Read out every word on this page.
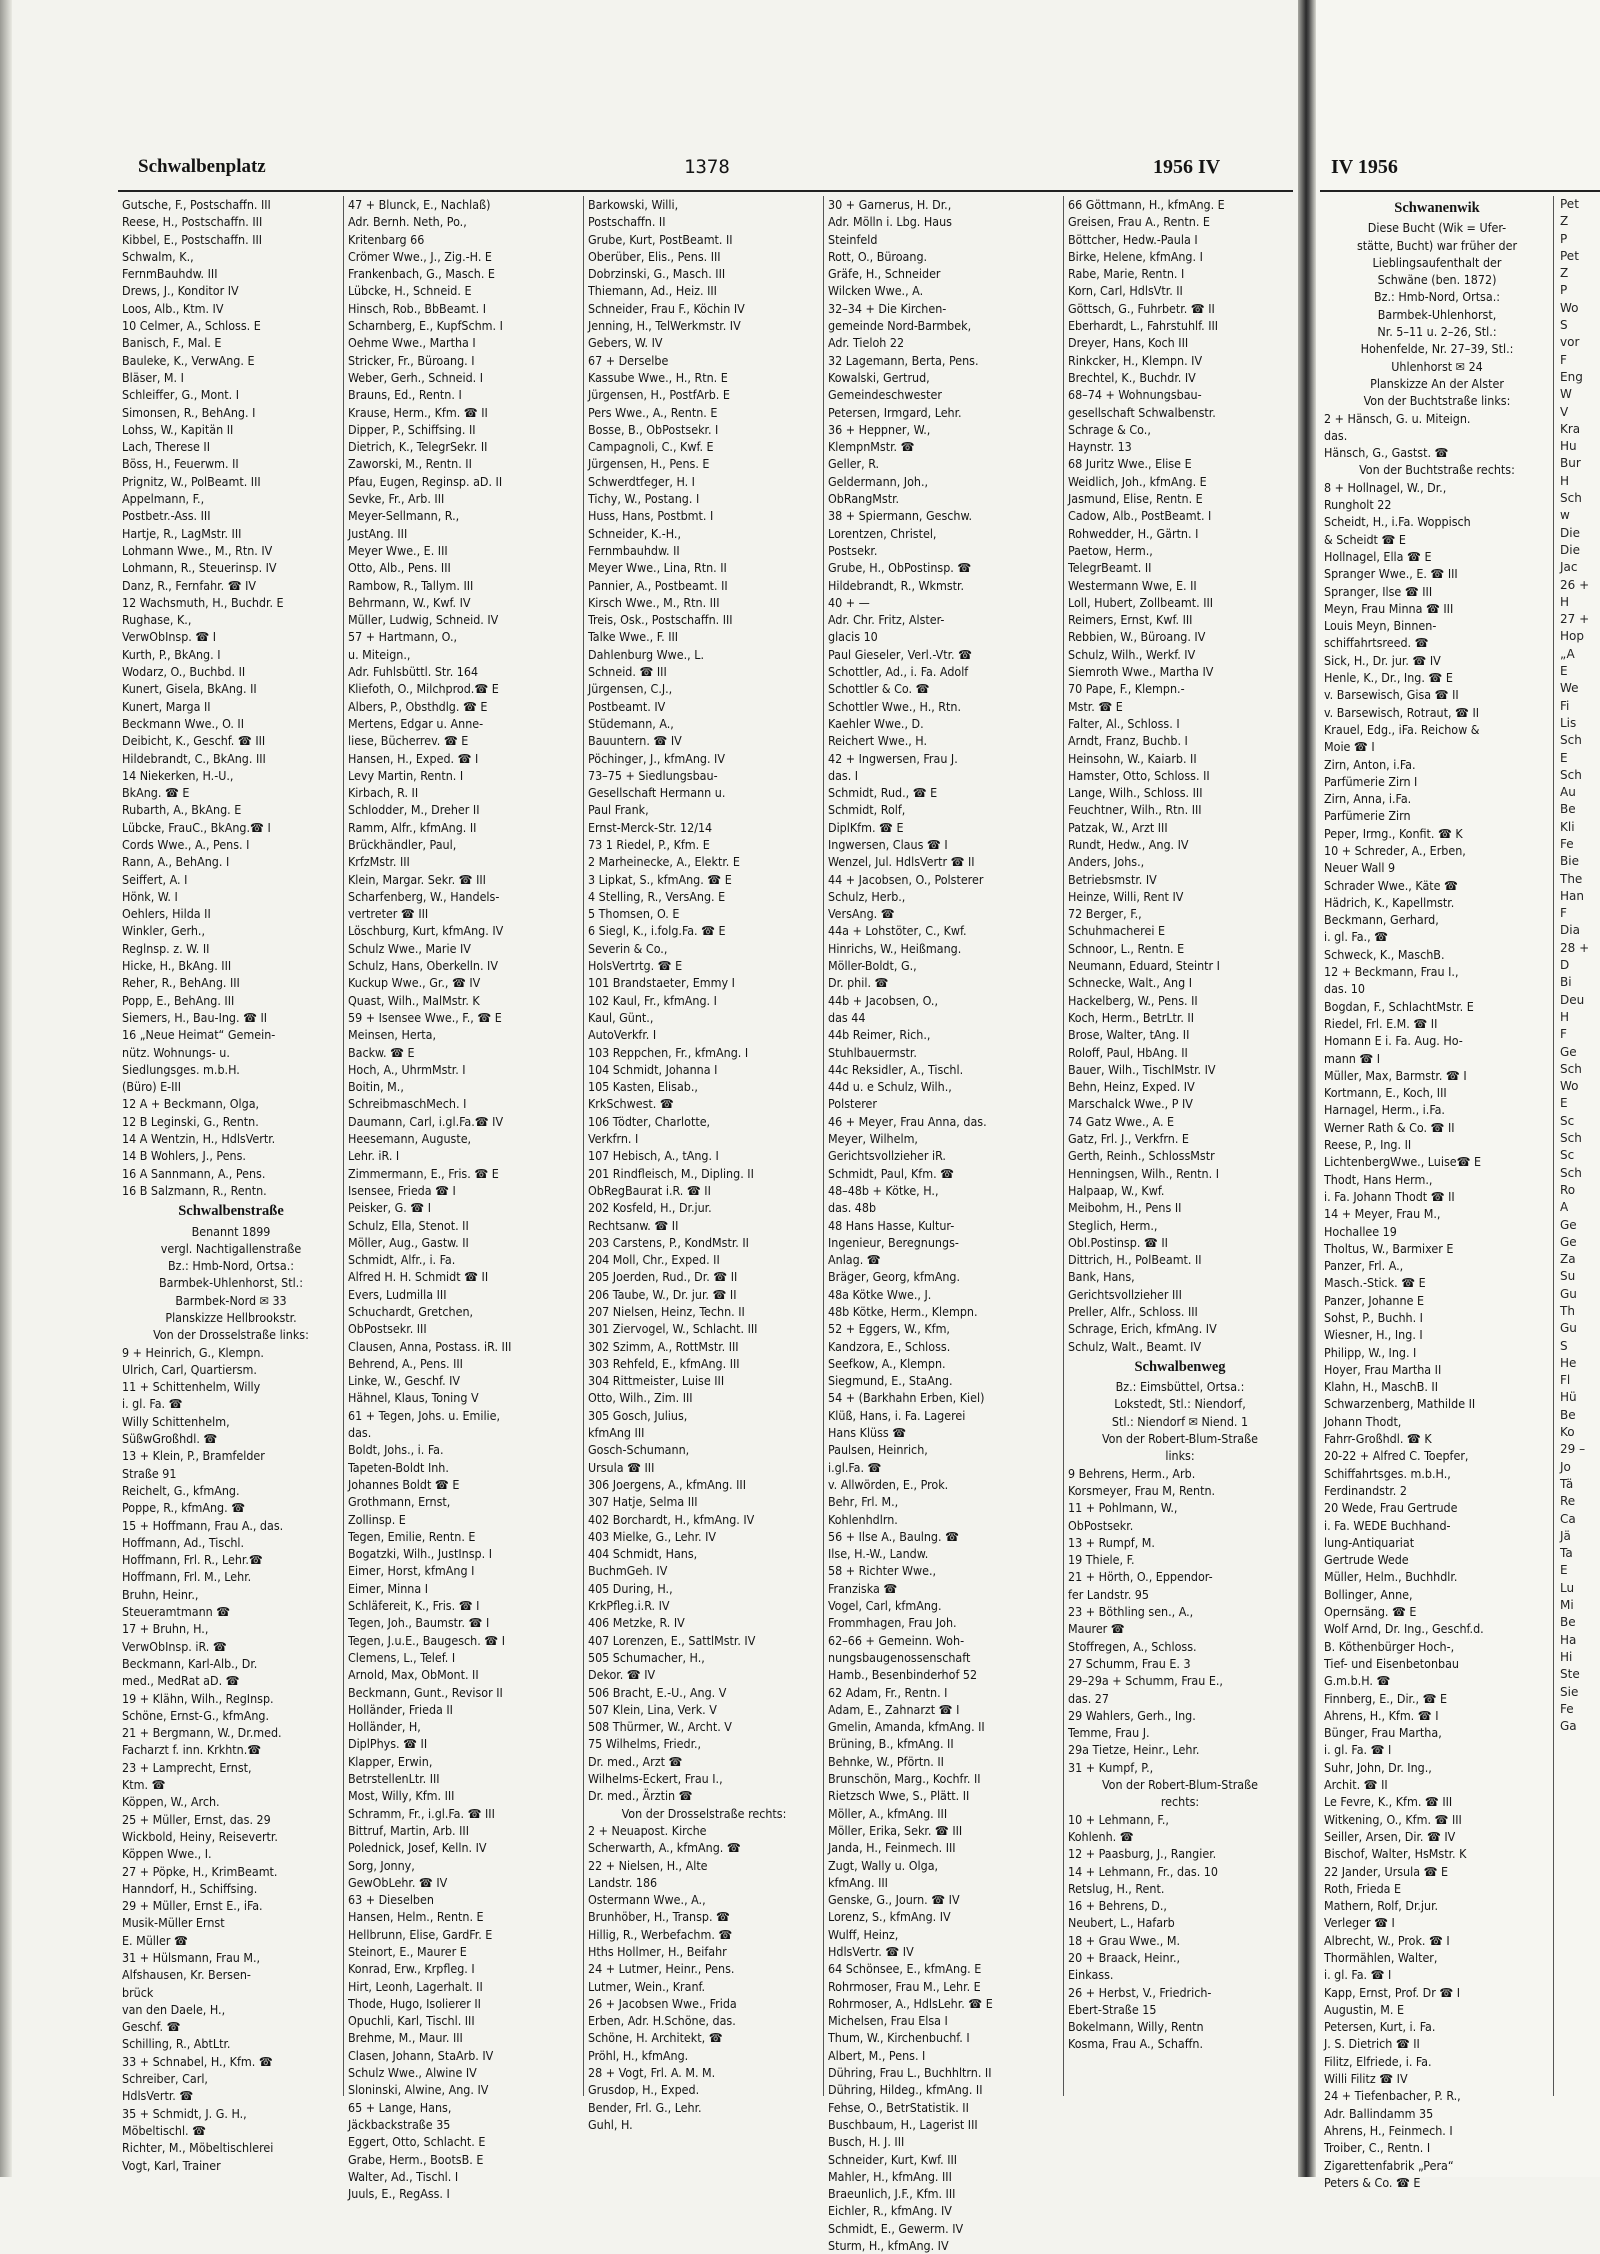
Schwalbenplatz	1378	1956 IV	IV 1956
Gutsche, F., Postschaffn. III
Reese, H., Postschaffn. III
Kibbel, E., Postschaffn. III
Schwalm, K.,
FernmBauhdw. III
Drews, J., Konditor IV
Loos, Alb., Ktm. IV
10 Celmer, A., Schloss. E
Banisch, F., Mal. E
Bauleke, K., VerwAng. E
Bläser, M. I
Schleiffer, G., Mont. I
Simonsen, R., BehAng. I
Lohss, W., Kapitän II
Lach, Therese II
Böss, H., Feuerwm. II
Prignitz, W., PolBeamt. III
Appelmann, F.,
Postbetr.-Ass. III
Hartje, R., LagMstr. III
Lohmann Wwe., M., Rtn. IV
Lohmann, R., Steuerinsp. IV
Danz, R., Fernfahr. ☎ IV
12 Wachsmuth, H., Buchdr. E
Rughase, K.,
VerwObInsp. ☎ I
Kurth, P., BkAng. I
Wodarz, O., Buchbd. II
Kunert, Gisela, BkAng. II
Kunert, Marga II
Beckmann Wwe., O. II
Deibicht, K., Geschf. ☎ III
Hildebrandt, C., BkAng. III
14 Niekerken, H.-U.,
BkAng. ☎ E
Rubarth, A., BkAng. E
Lübcke, FrauC., BkAng.☎ I
Cords Wwe., A., Pens. I
Rann, A., BehAng. I
Seiffert, A. I
Hönk, W. I
Oehlers, Hilda II
Winkler, Gerh.,
Reglnsp. z. W. II
Hicke, H., BkAng. III
Reher, R., BehAng. III
Popp, E., BehAng. III
Siemers, H., Bau-Ing. ☎ II
16 „Neue Heimat“ Gemein-
nütz. Wohnungs- u.
Siedlungsges. m.b.H.
(Büro) E-III
12 A + Beckmann, Olga,
12 B Leginski, G., Rentn.
14 A Wentzin, H., HdlsVertr.
14 B Wohlers, J., Pens.
16 A Sannmann, A., Pens.
16 B Salzmann, R., Rentn.
Schwalbenstraße
Benannt 1899
vergl. Nachtigallenstraße
Bz.: Hmb-Nord, Ortsa.:
Barmbek-Uhlenhorst, Stl.:
Barmbek-Nord ✉ 33
Planskizze Hellbrookstr.
Von der Drosselstraße links:
9 + Heinrich, G., Klempn.
Ulrich, Carl, Quartiersm.
11 + Schittenhelm, Willy
i. gl. Fa. ☎
Willy Schittenhelm,
SüßwGroßhdl. ☎
13 + Klein, P., Bramfelder
Straße 91
Reichelt, G., kfmAng.
Poppe, R., kfmAng. ☎
15 + Hoffmann, Frau A., das.
Hoffmann, Ad., Tischl.
Hoffmann, Frl. R., Lehr.☎
Hoffmann, Frl. M., Lehr.
Bruhn, Heinr.,
Steueramtmann ☎
17 + Bruhn, H.,
VerwObInsp. iR. ☎
Beckmann, Karl-Alb., Dr.
med., MedRat aD. ☎
19 + Klähn, Wilh., RegInsp.
Schöne, Ernst-G., kfmAng.
21 + Bergmann, W., Dr.med.
Facharzt f. inn. Krkhtn.☎
23 + Lamprecht, Ernst,
Ktm. ☎
Köppen, W., Arch.
25 + Müller, Ernst, das. 29
Wickbold, Heiny, Reisevertr.
Köppen Wwe., I.
27 + Pöpke, H., KrimBeamt.
Hanndorf, H., Schiffsing.
29 + Müller, Ernst E., iFa.
Musik-Müller Ernst
E. Müller ☎
31 + Hülsmann, Frau M.,
Alfshausen, Kr. Bersen-
brück
van den Daele, H.,
Geschf. ☎
Schilling, R., AbtLtr.
33 + Schnabel, H., Kfm. ☎
Schreiber, Carl,
HdlsVertr. ☎
35 + Schmidt, J. G. H.,
Möbeltischl. ☎
Richter, M., Möbeltischlerei
Vogt, Karl, Trainer
47 + Blunck, E., Nachlaß)
Adr. Bernh. Neth, Po.,
Kritenbarg 66
Crömer Wwe., J., Zig.-H. E
Frankenbach, G., Masch. E
Lübcke, H., Schneid. E
Hinsch, Rob., BbBeamt. I
Scharnberg, E., KupfSchm. I
Oehme Wwe., Martha I
Stricker, Fr., Büroang. I
Weber, Gerh., Schneid. I
Brauns, Ed., Rentn. I
Krause, Herm., Kfm. ☎ II
Dipper, P., Schiffsing. II
Dietrich, K., TelegrSekr. II
Zaworski, M., Rentn. II
Pfau, Eugen, Reginsp. aD. II
Sevke, Fr., Arb. III
Meyer-Sellmann, R.,
JustAng. III
Meyer Wwe., E. III
Otto, Alb., Pens. III
Rambow, R., Tallym. III
Behrmann, W., Kwf. IV
Müller, Ludwig, Schneid. IV
57 + Hartmann, O.,
u. Miteign.,
Adr. Fuhlsbüttl. Str. 164
Kliefoth, O., Milchprod.☎ E
Albers, P., Obsthdlg. ☎ E
Mertens, Edgar u. Anne-
liese, Bücherrev. ☎ E
Hansen, H., Exped. ☎ I
Levy Martin, Rentn. I
Kirbach, R. II
Schlodder, M., Dreher II
Ramm, Alfr., kfmAng. II
Brückhändler, Paul,
KrfzMstr. III
Klein, Margar. Sekr. ☎ III
Scharfenberg, W., Handels-
vertreter ☎ III
Löschburg, Kurt, kfmAng. IV
Schulz Wwe., Marie IV
Schulz, Hans, Oberkelln. IV
Kuckup Wwe., Gr., ☎ IV
Quast, Wilh., MalMstr. K
59 + Isensee Wwe., F., ☎ E
Meinsen, Herta,
Backw. ☎ E
Hoch, A., UhrmMstr. I
Boitin, M.,
SchreibmaschMech. I
Daumann, Carl, i.gl.Fa.☎ IV
Heesemann, Auguste,
Lehr. iR. I
Zimmermann, E., Fris. ☎ E
Isensee, Frieda ☎ I
Peisker, G. ☎ I
Schulz, Ella, Stenot. II
Möller, Aug., Gastw. II
Schmidt, Alfr., i. Fa.
Alfred H. H. Schmidt ☎ II
Evers, Ludmilla III
Schuchardt, Gretchen,
ObPostsekr. III
Clausen, Anna, Postass. iR. III
Behrend, A., Pens. III
Linke, W., Geschf. IV
Hähnel, Klaus, Toning V
61 + Tegen, Johs. u. Emilie,
das.
Boldt, Johs., i. Fa.
Tapeten-Boldt Inh.
Johannes Boldt ☎ E
Grothmann, Ernst,
Zollinsp. E
Tegen, Emilie, Rentn. E
Bogatzki, Wilh., JustInsp. I
Eimer, Horst, kfmAng I
Eimer, Minna I
Schläfereit, K., Fris. ☎ I
Tegen, Joh., Baumstr. ☎ I
Tegen, J.u.E., Baugesch. ☎ I
Clemens, L., Telef. I
Arnold, Max, ObMont. II
Beckmann, Gunt., Revisor II
Holländer, Frieda II
Holländer, H,
DiplPhys. ☎ II
Klapper, Erwin,
BetrstellenLtr. III
Most, Willy, Kfm. III
Schramm, Fr., i.gl.Fa. ☎ III
Bittruf, Martin, Arb. III
Polednick, Josef, Kelln. IV
Sorg, Jonny,
GewObLehr. ☎ IV
63 + Dieselben
Hansen, Helm., Rentn. E
Hellbrunn, Elise, GardFr. E
Steinort, E., Maurer E
Konrad, Erw., Krpfleg. I
Hirt, Leonh, Lagerhalt. II
Thode, Hugo, Isolierer II
Opuchli, Karl, Tischl. III
Brehme, M., Maur. III
Clasen, Johann, StaArb. IV
Schulz Wwe., Alwine IV
Sloninski, Alwine, Ang. IV
65 + Lange, Hans,
Jäckbackstraße 35
Eggert, Otto, Schlacht. E
Grabe, Herm., BootsB. E
Walter, Ad., Tischl. I
Juuls, E., RegAss. I
Barkowski, Willi,
Postschaffn. II
Grube, Kurt, PostBeamt. II
Oberüber, Elis., Pens. III
Dobrzinski, G., Masch. III
Thiemann, Ad., Heiz. III
Schneider, Frau F., Köchin IV
Jenning, H., TelWerkmstr. IV
Gebers, W. IV
67 + Derselbe
Kassube Wwe., H., Rtn. E
Jürgensen, H., PostfArb. E
Pers Wwe., A., Rentn. E
Bosse, B., ObPostsekr. I
Campagnoli, C., Kwf. E
Jürgensen, H., Pens. E
Schwerdtfeger, H. I
Tichy, W., Postang. I
Huss, Hans, Postbmt. I
Schneider, K.-H.,
Fernmbauhdw. II
Meyer Wwe., Lina, Rtn. II
Pannier, A., Postbeamt. II
Kirsch Wwe., M., Rtn. III
Treis, Osk., Postschaffn. III
Talke Wwe., F. III
Dahlenburg Wwe., L.
Schneid. ☎ III
Jürgensen, C.J.,
Postbeamt. IV
Stüdemann, A.,
Bauuntern. ☎ IV
Pöchinger, J., kfmAng. IV
73–75 + Siedlungsbau-
Gesellschaft Hermann u.
Paul Frank,
Ernst-Merck-Str. 12/14
73 1 Riedel, P., Kfm. E
2 Marheinecke, A., Elektr. E
3 Lipkat, S., kfmAng. ☎ E
4 Stelling, R., VersAng. E
5 Thomsen, O. E
6 Siegl, K., i.folg.Fa. ☎ E
Severin & Co.,
HolsVertrtg. ☎ E
101 Brandstaeter, Emmy I
102 Kaul, Fr., kfmAng. I
Kaul, Günt.,
AutoVerkfr. I
103 Reppchen, Fr., kfmAng. I
104 Schmidt, Johanna I
105 Kasten, Elisab.,
KrkSchwest. ☎
106 Tödter, Charlotte,
Verkfrn. I
107 Hebisch, A., tAng. I
201 Rindfleisch, M., Dipling. II
ObRegBaurat i.R. ☎ II
202 Kosfeld, H., Dr.jur.
Rechtsanw. ☎ II
203 Carstens, P., KondMstr. II
204 Moll, Chr., Exped. II
205 Joerden, Rud., Dr. ☎ II
206 Taube, W., Dr. jur. ☎ II
207 Nielsen, Heinz, Techn. II
301 Ziervogel, W., Schlacht. III
302 Szimm, A., RottMstr. III
303 Rehfeld, E., kfmAng. III
304 Rittmeister, Luise III
Otto, Wilh., Zim. III
305 Gosch, Julius,
kfmAng III
Gosch-Schumann,
Ursula ☎ III
306 Joergens, A., kfmAng. III
307 Hatje, Selma III
402 Borchardt, H., kfmAng. IV
403 Mielke, G., Lehr. IV
404 Schmidt, Hans,
BuchmGeh. IV
405 During, H.,
KrkPfleg.i.R. IV
406 Metzke, R. IV
407 Lorenzen, E., SattlMstr. IV
505 Schumacher, H.,
Dekor. ☎ IV
506 Bracht, E.-U., Ang. V
507 Klein, Lina, Verk. V
508 Thürmer, W., Archt. V
75 Wilhelms, Friedr.,
Dr. med., Arzt ☎
Wilhelms-Eckert, Frau I.,
Dr. med., Ärztin ☎
Von der Drosselstraße rechts:
2 + Neuapost. Kirche
Scherwarth, A., kfmAng. ☎
22 + Nielsen, H., Alte
Landstr. 186
Ostermann Wwe., A.,
Brunhöber, H., Transp. ☎
Hillig, R., Werbefachm. ☎
Hths Hollmer, H., Beifahr
24 + Lutmer, Heinr., Pens.
Lutmer, Wein., Kranf.
26 + Jacobsen Wwe., Frida
Erben, Adr. H.Schöne, das.
Schöne, H. Architekt, ☎
Pröhl, H., kfmAng.
28 + Vogt, Frl. A. M. M.
Grusdop, H., Exped.
Bender, Frl. G., Lehr.
Guhl, H.
30 + Garnerus, H. Dr.,
Adr. Mölln i. Lbg. Haus
Steinfeld
Rott, O., Büroang.
Gräfe, H., Schneider
Wilcken Wwe., A.
32–34 + Die Kirchen-
gemeinde Nord-Barmbek,
Adr. Tieloh 22
32 Lagemann, Berta, Pens.
Kowalski, Gertrud,
Gemeindeschwester
Petersen, Irmgard, Lehr.
36 + Heppner, W.,
KlempnMstr. ☎
Geller, R.
Geldermann, Joh.,
ObRangMstr.
38 + Spiermann, Geschw.
Lorentzen, Christel,
Postsekr.
Grube, H., ObPostinsp. ☎
Hildebrandt, R., Wkmstr.
40 + —
Adr. Chr. Fritz, Alster-
glacis 10
Paul Gieseler, Verl.-Vtr. ☎
Schottler, Ad., i. Fa. Adolf
Schottler & Co. ☎
Schottler Wwe., H., Rtn.
Kaehler Wwe., D.
Reichert Wwe., H.
42 + Ingwersen, Frau J.
das. I
Schmidt, Rud., ☎ E
Schmidt, Rolf,
DiplKfm. ☎ E
Ingwersen, Claus ☎ I
Wenzel, Jul. HdlsVertr ☎ II
44 + Jacobsen, O., Polsterer
Schulz, Herb.,
VersAng. ☎
44a + Lohstöter, C., Kwf.
Hinrichs, W., Heißmang.
Möller-Boldt, G.,
Dr. phil. ☎
44b + Jacobsen, O.,
das 44
44b Reimer, Rich.,
Stuhlbauermstr.
44c Reksidler, A., Tischl.
44d u. e Schulz, Wilh.,
Polsterer
46 + Meyer, Frau Anna, das.
Meyer, Wilhelm,
Gerichtsvollzieher iR.
Schmidt, Paul, Kfm. ☎
48–48b + Kötke, H.,
das. 48b
48 Hans Hasse, Kultur-
Ingenieur, Beregnungs-
Anlag. ☎
Bräger, Georg, kfmAng.
48a Kötke Wwe., J.
48b Kötke, Herm., Klempn.
52 + Eggers, W., Kfm,
Kandzora, E., Schloss.
Seefkow, A., Klempn.
Siegmund, E., StaAng.
54 + (Barkhahn Erben, Kiel)
Klüß, Hans, i. Fa. Lagerei
Hans Klüss ☎
Paulsen, Heinrich,
i.gl.Fa. ☎
v. Allwörden, E., Prok.
Behr, Frl. M.,
Kohlenhdlrn.
56 + Ilse A., Baulng. ☎
Ilse, H.-W., Landw.
58 + Richter Wwe.,
Franziska ☎
Vogel, Carl, kfmAng.
Frommhagen, Frau Joh.
62–66 + Gemeinn. Woh-
nungsbaugenossenschaft
Hamb., Besenbinderhof 52
62 Adam, Fr., Rentn. I
Adam, E., Zahnarzt ☎ I
Gmelin, Amanda, kfmAng. II
Brüning, B., kfmAng. II
Behnke, W., Pförtn. II
Brunschön, Marg., Kochfr. II
Rietzsch Wwe, S., Plätt. II
Möller, A., kfmAng. III
Möller, Erika, Sekr. ☎ III
Janda, H., Feinmech. III
Zugt, Wally u. Olga,
kfmAng. III
Genske, G., Journ. ☎ IV
Lorenz, S., kfmAng. IV
Wulff, Heinz,
HdlsVertr. ☎ IV
64 Schönsee, E., kfmAng. E
Rohrmoser, Frau M., Lehr. E
Rohrmoser, A., HdlsLehr. ☎ E
Michelsen, Frau Elsa I
Thum, W., Kirchenbuchf. I
Albert, M., Pens. I
Dühring, Frau L., Buchhltrn. II
Dühring, Hildeg., kfmAng. II
Fehse, O., BetrStatistik. II
Buschbaum, H., Lagerist III
Busch, H. J. III
Schneider, Kurt, Kwf. III
Mahler, H., kfmAng. III
Braeunlich, J.F., Kfm. III
Eichler, R., kfmAng. IV
Schmidt, E., Gewerm. IV
Sturm, H., kfmAng. IV
66 Göttmann, H., kfmAng. E
Greisen, Frau A., Rentn. E
Böttcher, Hedw.-Paula I
Birke, Helene, kfmAng. I
Rabe, Marie, Rentn. I
Korn, Carl, HdlsVtr. II
Göttsch, G., Fuhrbetr. ☎ II
Eberhardt, L., Fahrstuhlf. III
Dreyer, Hans, Koch III
Rinkcker, H., Klempn. IV
Brechtel, K., Buchdr. IV
68–74 + Wohnungsbau-
gesellschaft Schwalbenstr.
Schrage & Co.,
Haynstr. 13
68 Juritz Wwe., Elise E
Weidlich, Joh., kfmAng. E
Jasmund, Elise, Rentn. E
Cadow, Alb., PostBeamt. I
Rohwedder, H., Gärtn. I
Paetow, Herm.,
TelegrBeamt. II
Westermann Wwe, E. II
Loll, Hubert, Zollbeamt. III
Reimers, Ernst, Kwf. III
Rebbien, W., Büroang. IV
Schulz, Wilh., Werkf. IV
Siemroth Wwe., Martha IV
70 Pape, F., Klempn.-
Mstr. ☎ E
Falter, Al., Schloss. I
Arndt, Franz, Buchb. I
Heinsohn, W., Kaiarb. II
Hamster, Otto, Schloss. II
Lange, Wilh., Schloss. III
Feuchtner, Wilh., Rtn. III
Patzak, W., Arzt III
Rundt, Hedw., Ang. IV
Anders, Johs.,
Betriebsmstr. IV
Heinze, Willi, Rent IV
72 Berger, F.,
Schuhmacherei E
Schnoor, L., Rentn. E
Neumann, Eduard, Steintr I
Schnecke, Walt., Ang I
Hackelberg, W., Pens. II
Koch, Herm., BetrLtr. II
Brose, Walter, tAng. II
Roloff, Paul, HbAng. II
Bauer, Wilh., TischlMstr. IV
Behn, Heinz, Exped. IV
Marschalck Wwe., P IV
74 Gatz Wwe., A. E
Gatz, Frl. J., Verkfrn. E
Gerth, Reinh., SchlossMstr
Henningsen, Wilh., Rentn. I
Halpaap, W., Kwf.
Meibohm, H., Pens II
Steglich, Herm.,
Obl.Postinsp. ☎ II
Dittrich, H., PolBeamt. II
Bank, Hans,
Gerichtsvollzieher III
Preller, Alfr., Schloss. III
Schrage, Erich, kfmAng. IV
Schulz, Walt., Beamt. IV
Schwalbenweg
Bz.: Eimsbüttel, Ortsa.:
Lokstedt, Stl.: Niendorf,
Stl.: Niendorf ✉ Niend. 1
Von der Robert-Blum-Straße
links:
9 Behrens, Herm., Arb.
Korsmeyer, Frau M, Rentn.
11 + Pohlmann, W.,
ObPostsekr.
13 + Rumpf, M.
19 Thiele, F.
21 + Hörth, O., Eppendor-
fer Landstr. 95
23 + Böthling sen., A.,
Maurer ☎
Stoffregen, A., Schloss.
27 Schumm, Frau E. 3
29–29a + Schumm, Frau E.,
das. 27
29 Wahlers, Gerh., Ing.
Temme, Frau J.
29a Tietze, Heinr., Lehr.
31 + Kumpf, P.,
Von der Robert-Blum-Straße
rechts:
10 + Lehmann, F.,
Kohlenh. ☎
12 + Paasburg, J., Rangier.
14 + Lehmann, Fr., das. 10
Retslug, H., Rent.
16 + Behrens, D.,
Neubert, L., Hafarb
18 + Grau Wwe., M.
20 + Braack, Heinr.,
Einkass.
26 + Herbst, V., Friedrich-
Ebert-Straße 15
Bokelmann, Willy, Rentn
Kosma, Frau A., Schaffn.
Schwanenwik
Diese Bucht (Wik = Ufer-
stätte, Bucht) war früher der
Lieblingsaufenthalt der
Schwäne (ben. 1872)
Bz.: Hmb-Nord, Ortsa.:
Barmbek-Uhlenhorst,
Nr. 5–11 u. 2–26, Stl.:
Hohenfelde, Nr. 27–39, Stl.:
Uhlenhorst ✉ 24
Planskizze An der Alster
Von der Buchtstraße links:
2 + Hänsch, G. u. Miteign.
das.
Hänsch, G., Gastst. ☎
Von der Buchtstraße rechts:
8 + Hollnagel, W., Dr.,
Rungholt 22
Scheidt, H., i.Fa. Woppisch
& Scheidt ☎ E
Hollnagel, Ella ☎ E
Spranger Wwe., E. ☎ III
Spranger, Ilse ☎ III
Meyn, Frau Minna ☎ III
Louis Meyn, Binnen-
schiffahrtsreed. ☎
Sick, H., Dr. jur. ☎ IV
Henle, K., Dr., Ing. ☎ E
v. Barsewisch, Gisa ☎ II
v. Barsewisch, Rotraut, ☎ II
Krauel, Edg., iFa. Reichow &
Moie ☎ I
Zirn, Anton, i.Fa.
Parfümerie Zirn I
Zirn, Anna, i.Fa.
Parfümerie Zirn
Peper, Irmg., Konfit. ☎ K
10 + Schreder, A., Erben,
Neuer Wall 9
Schrader Wwe., Käte ☎
Hädrich, K., Kapellmstr.
Beckmann, Gerhard,
i. gl. Fa., ☎
Schweck, K., MaschB.
12 + Beckmann, Frau I.,
das. 10
Bogdan, F., SchlachtMstr. E
Riedel, Frl. E.M. ☎ II
Homann E i. Fa. Aug. Ho-
mann ☎ I
Müller, Max, Barmstr. ☎ I
Kortmann, E., Koch, III
Harnagel, Herm., i.Fa.
Werner Rath & Co. ☎ II
Reese, P., Ing. II
LichtenbergWwe., Luise☎ E
Thodt, Hans Herm.,
i. Fa. Johann Thodt ☎ II
14 + Meyer, Frau M.,
Hochallee 19
Tholtus, W., Barmixer E
Panzer, Frl. A.,
Masch.-Stick. ☎ E
Panzer, Johanne E
Sohst, P., Buchh. I
Wiesner, H., Ing. I
Philipp, W., Ing. I
Hoyer, Frau Martha II
Klahn, H., MaschB. II
Schwarzenberg, Mathilde II
Johann Thodt,
Fahrr-Großhdl. ☎ K
20-22 + Alfred C. Toepfer,
Schiffahrtsges. m.b.H.,
Ferdinandstr. 2
20 Wede, Frau Gertrude
i. Fa. WEDE Buchhand-
lung-Antiquariat
Gertrude Wede
Müller, Helm., Buchhdlr.
Bollinger, Anne,
Opernsäng. ☎ E
Wolf Arnd, Dr. Ing., Geschf.d.
B. Köthenbürger Hoch-,
Tief- und Eisenbetonbau
G.m.b.H. ☎
Finnberg, E., Dir., ☎ E
Ahrens, H., Kfm. ☎ I
Bünger, Frau Martha,
i. gl. Fa. ☎ I
Suhr, John, Dr. Ing.,
Archit. ☎ II
Le Fevre, K., Kfm. ☎ III
Witkening, O., Kfm. ☎ III
Seiller, Arsen, Dir. ☎ IV
Bischof, Walter, HsMstr. K
22 Jander, Ursula ☎ E
Roth, Frieda E
Mathern, Rolf, Dr.jur.
Verleger ☎ I
Albrecht, W., Prok. ☎ I
Thormählen, Walter,
i. gl. Fa. ☎ I
Kapp, Ernst, Prof. Dr ☎ I
Augustin, M. E
Petersen, Kurt, i. Fa.
J. S. Dietrich ☎ II
Filitz, Elfriede, i. Fa.
Willi Filitz ☎ IV
24 + Tiefenbacher, P. R.,
Adr. Ballindamm 35
Ahrens, H., Feinmech. I
Troiber, C., Rentn. I
Zigarettenfabrik „Pera“
Peters & Co. ☎ E
Pet
Z
P
Pet
Z
P
Wo
S
vor
F
Eng
W
V
Kra
Hu
Bur
H
Sch
w
Die
Die
Jac
26 +
H
27 +
Hop
„A
E
We
Fi
Lis
Sch
E
Sch
Au
Be
Kli
Fe
Bie
The
Han
F
Dia
28 +
D
Bi
Deu
H
F
Ge
Sch
Wo
E
Sc
Sch
Sc
Sch
Ro
A
Ge
Ge
Za
Su
Gu
Th
Gu
S
He
Fl
Hü
Be
Ko
29 –
Jo
Tä
Re
Ca
Jä
Ta
E
Lu
Mi
Be
Ha
Hi
Ste
Sie
Fe
Ga
